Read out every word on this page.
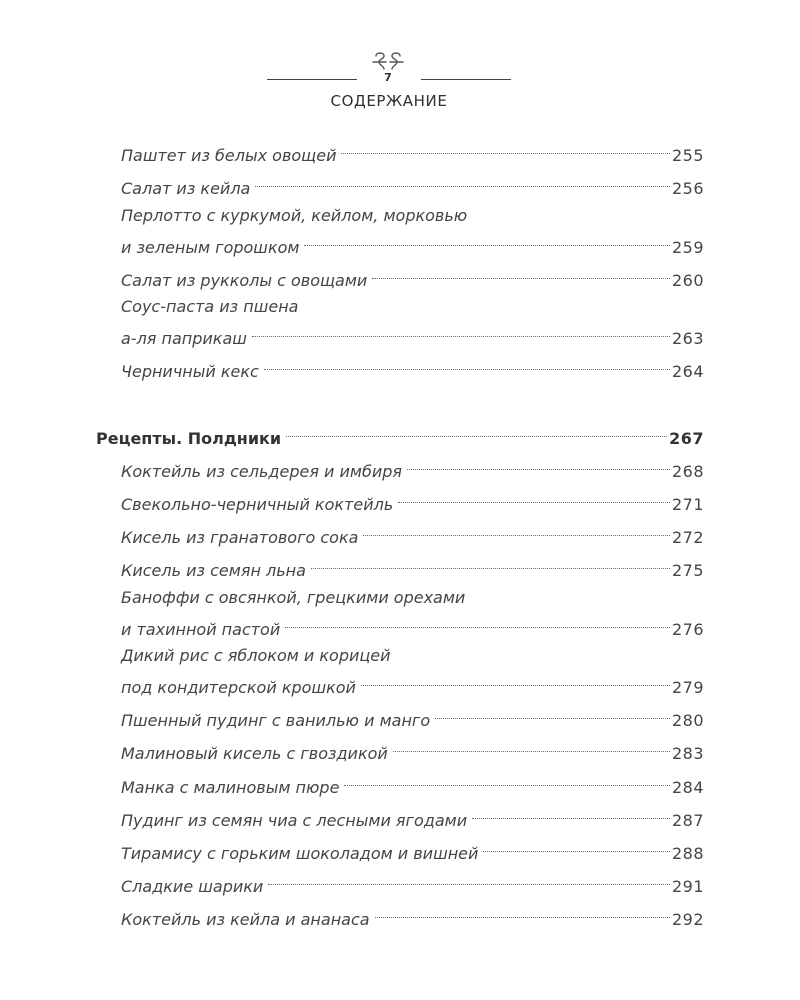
7
СОДЕРЖАНИЕ
Паштет из белых овощей	255
Салат из кейла	256
Перлотто с куркумой, кейлом, морковью
и зеленым горошком	259
Салат из рукколы с овощами	260
Соус-паста из пшена
а-ля паприкаш	263
Черничный кекс	264
Рецепты. Полдники	267
Коктейль из сельдерея и имбиря	268
Свекольно-черничный коктейль	271
Кисель из гранатового сока	272
Кисель из семян льна	275
Баноффи с овсянкой, грецкими орехами
и тахинной пастой	276
Дикий рис с яблоком и корицей
под кондитерской крошкой	279
Пшенный пудинг с ванилью и манго	280
Малиновый кисель с гвоздикой	283
Манка с малиновым пюре	284
Пудинг из семян чиа с лесными ягодами	287
Тирамису с горьким шоколадом и вишней	288
Сладкие шарики	291
Коктейль из кейла и ананаса	292
